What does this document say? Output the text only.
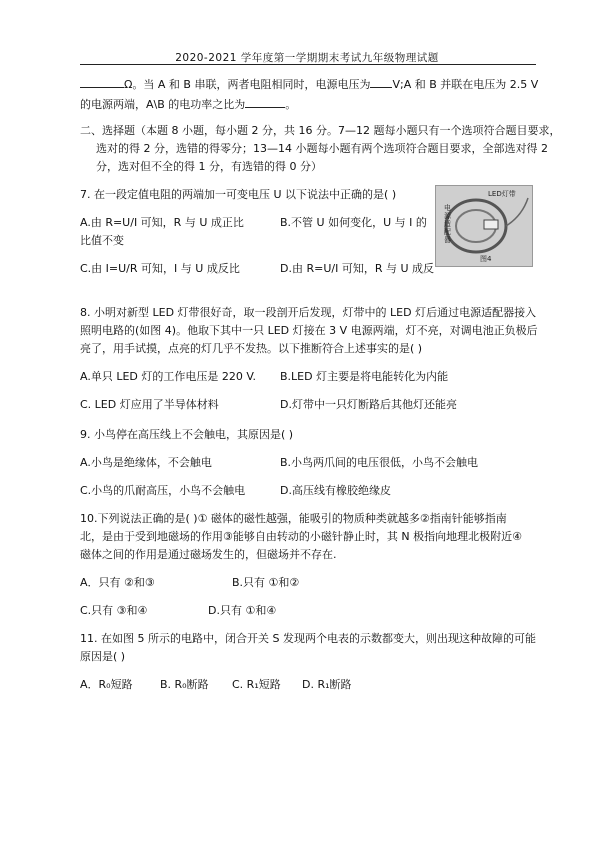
2020-2021 学年度第一学期期末考试九年级物理试题
Ω。当 A 和 B 串联，两者电阻相同时，电源电压为 V;A 和 B 并联在电压为 2.5 V
的电源两端，A\B 的电功率之比为	。
二、选择题（本题 8 小题，每小题 2 分，共 16 分。7—12 题每小题只有一个选项符合题目要求，
选对的得 2 分，选错的得零分；13—14 小题每小题有两个选项符合题目要求，全部选对得 2
分，选对但不全的得 1 分，有选错的得 0 分）
7. 在一段定值电阻的两端加一可变电压 U 以下说法中正确的是( )
A.由 R=U/I 可知，R 与 U 成正比	B.不管 U 如何变化，U 与 I 的
比值不变
C.由 I=U/R 可知，I 与 U 成反比	D.由 R=U/I 可知，R 与 U 成反
LED灯带
电源适配器
图4
8. 小明对新型 LED 灯带很好奇，取一段剖开后发现，灯带中的 LED 灯后通过电源适配器接入
照明电路的(如图 4)。他取下其中一只 LED 灯接在 3 V 电源两端，灯不亮，对调电池正负极后
亮了，用手试摸，点亮的灯几乎不发热。以下推断符合上述事实的是( )
A.单只 LED 灯的工作电压是 220 V. B.LED 灯主要是将电能转化为内能
C. LED 灯应用了半导体材料	D.灯带中一只灯断路后其他灯还能亮
9. 小鸟停在高压线上不会触电，其原因是( )
A.小鸟是绝缘体，不会触电	B.小鸟两爪间的电压很低，小鸟不会触电
C.小鸟的爪耐高压，小鸟不会触电	D.高压线有橡胶绝缘皮
10.下列说法正确的是( )① 磁体的磁性越强，能吸引的物质种类就越多②指南针能够指南
北，是由于受到地磁场的作用③能够自由转动的小磁针静止时，其 N 极指向地理北极附近④
磁体之间的作用是通过磁场发生的，但磁场并不存在.
A．只有 ②和③	B.只有 ①和②
C.只有 ③和④	D.只有 ①和④
11. 在如图 5 所示的电路中，闭合开关 S 发现两个电表的示数都变大，则出现这种故障的可能
原因是( )
A．R₀短路 B. R₀断路 C. R₁短路 D. R₁断路
